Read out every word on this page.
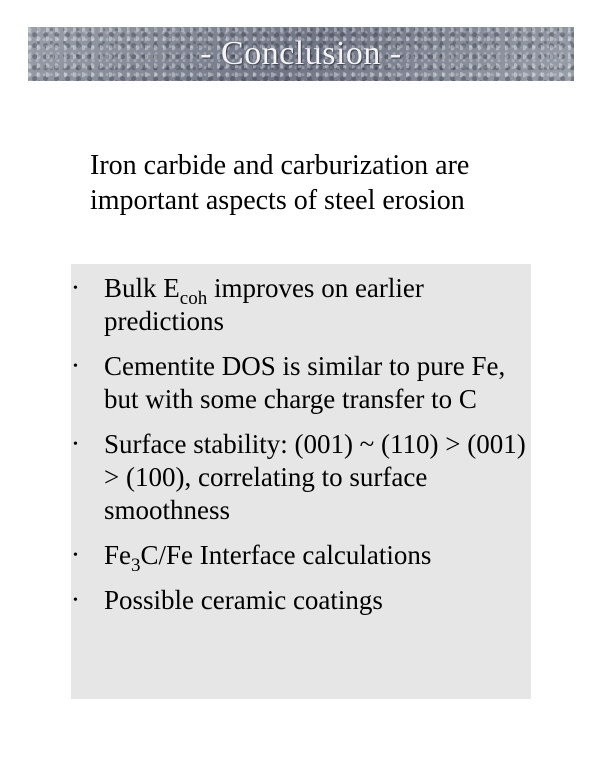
- Conclusion -
Iron carbide and carburization are important aspects of steel erosion
• Bulk $E_{coh}$ improves on earlier predictions
• Cementite DOS is similar to pure Fe, but with some charge transfer to C
• Surface stability: (001) ~ (110) > (001) > (100), correlating to surface smoothness
• $Fe_3C/Fe$ Interface calculations
• Possible ceramic coatings
